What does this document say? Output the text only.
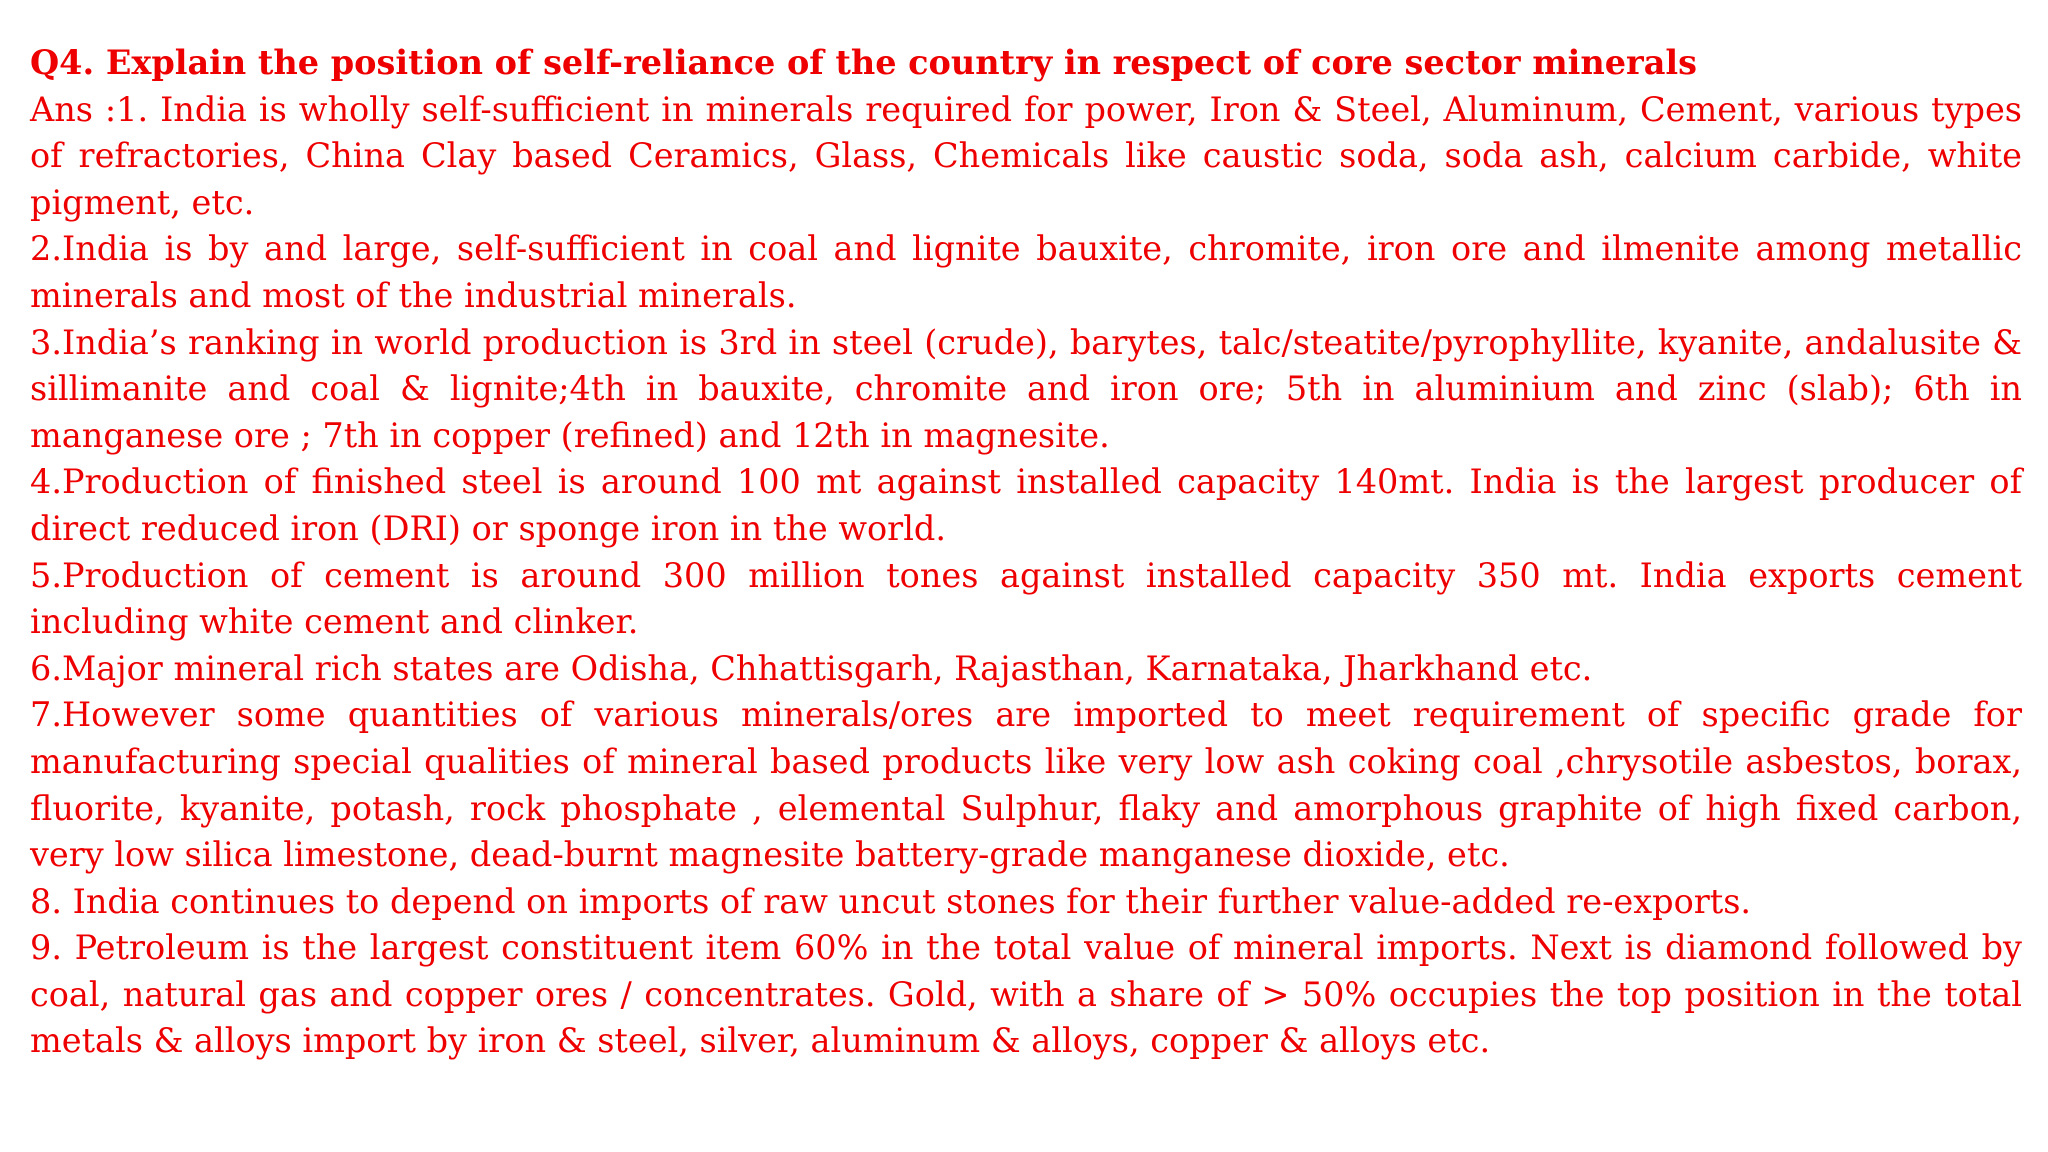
Q4. Explain the position of self-reliance of the country in respect of core sector minerals

Ans :1. India is wholly self-sufficient in minerals required for power, Iron & Steel, Aluminum, Cement, various types of refractories, China Clay based Ceramics, Glass, Chemicals like caustic soda, soda ash, calcium carbide, white pigment, etc.

2.India is by and large, self-sufficient in coal and lignite bauxite, chromite, iron ore and ilmenite among metallic minerals and most of the industrial minerals.

3.India’s ranking in world production is 3rd in steel (crude), barytes, talc/steatite/pyrophyllite, kyanite, andalusite & sillimanite and coal & lignite;4th in bauxite, chromite and iron ore; 5th in aluminium and zinc (slab); 6th in manganese ore ; 7th in copper (refined) and 12th in magnesite.

4.Production of finished steel is around 100 mt against installed capacity 140mt. India is the largest producer of direct reduced iron (DRI) or sponge iron in the world.

5.Production of cement is around 300 million tones against installed capacity 350 mt. India exports cement including white cement and clinker.

6.Major mineral rich states are Odisha, Chhattisgarh, Rajasthan, Karnataka, Jharkhand etc.

7.However some quantities of various minerals/ores are imported to meet requirement of specific grade for manufacturing special qualities of mineral based products like very low ash coking coal ,chrysotile asbestos, borax, fluorite, kyanite, potash, rock phosphate , elemental Sulphur, flaky and amorphous graphite of high fixed carbon, very low silica limestone, dead-burnt magnesite battery-grade manganese dioxide, etc.

8. India continues to depend on imports of raw uncut stones for their further value-added re-exports.

9. Petroleum is the largest constituent item 60% in the total value of mineral imports. Next is diamond followed by coal, natural gas and copper ores / concentrates. Gold, with a share of > 50% occupies the top position in the total metals & alloys import by iron & steel, silver, aluminum & alloys, copper & alloys etc.
